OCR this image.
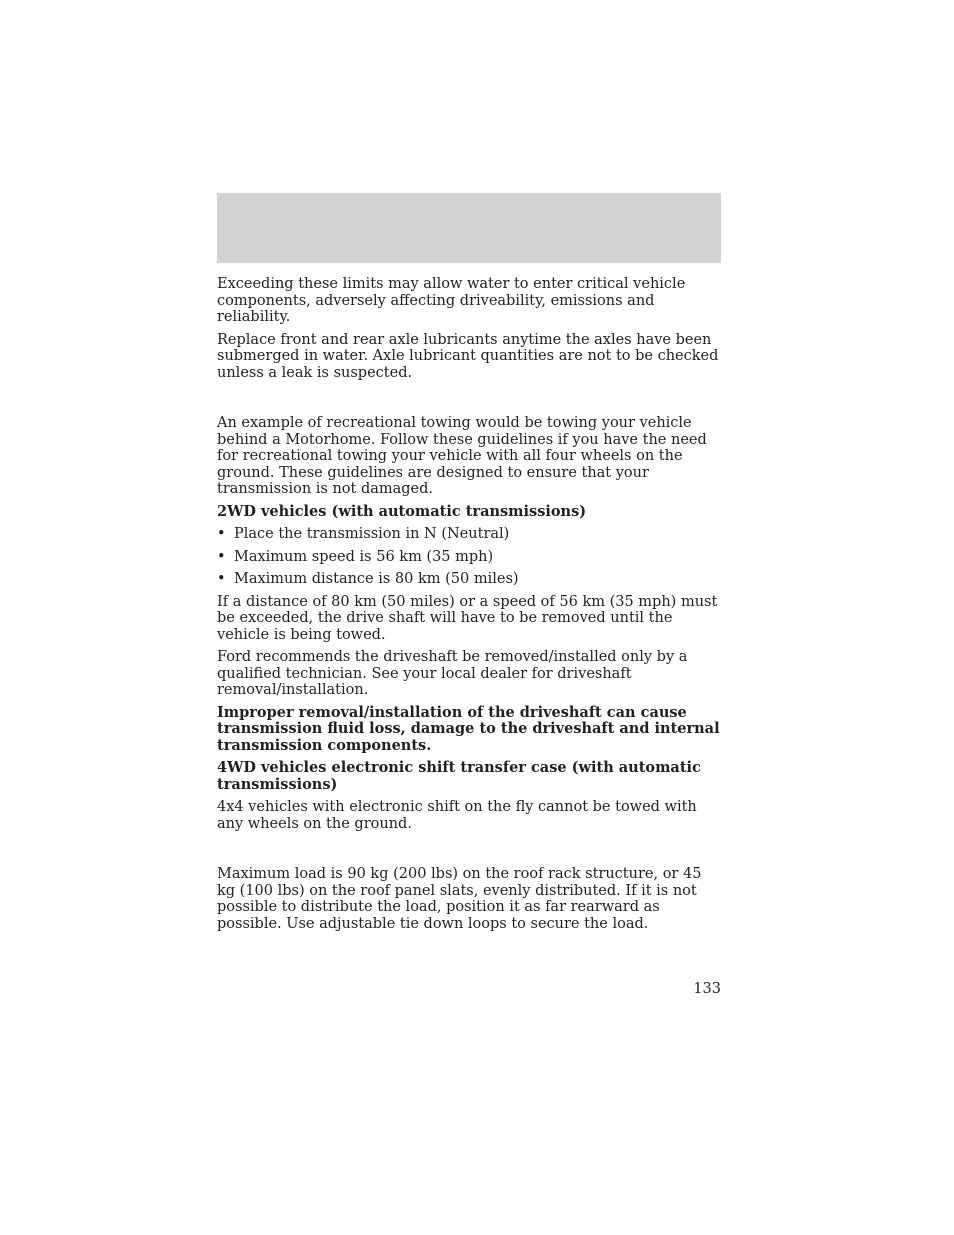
Exceeding these limits may allow water to enter critical vehicle components, adversely affecting driveability, emissions and reliability.

Replace front and rear axle lubricants anytime the axles have been submerged in water. Axle lubricant quantities are not to be checked unless a leak is suspected.

An example of recreational towing would be towing your vehicle behind a Motorhome. Follow these guidelines if you have the need for recreational towing your vehicle with all four wheels on the ground. These guidelines are designed to ensure that your transmission is not damaged.

2WD vehicles (with automatic transmissions)

• Place the transmission in N (Neutral)
• Maximum speed is 56 km (35 mph)
• Maximum distance is 80 km (50 miles)

If a distance of 80 km (50 miles) or a speed of 56 km (35 mph) must be exceeded, the drive shaft will have to be removed until the vehicle is being towed.

Ford recommends the driveshaft be removed/installed only by a qualified technician. See your local dealer for driveshaft removal/installation.

Improper removal/installation of the driveshaft can cause transmission fluid loss, damage to the driveshaft and internal transmission components.

4WD vehicles electronic shift transfer case (with automatic transmissions)

4x4 vehicles with electronic shift on the fly cannot be towed with any wheels on the ground.

Maximum load is 90 kg (200 lbs) on the roof rack structure, or 45 kg (100 lbs) on the roof panel slats, evenly distributed. If it is not possible to distribute the load, position it as far rearward as possible. Use adjustable tie down loops to secure the load.

133
